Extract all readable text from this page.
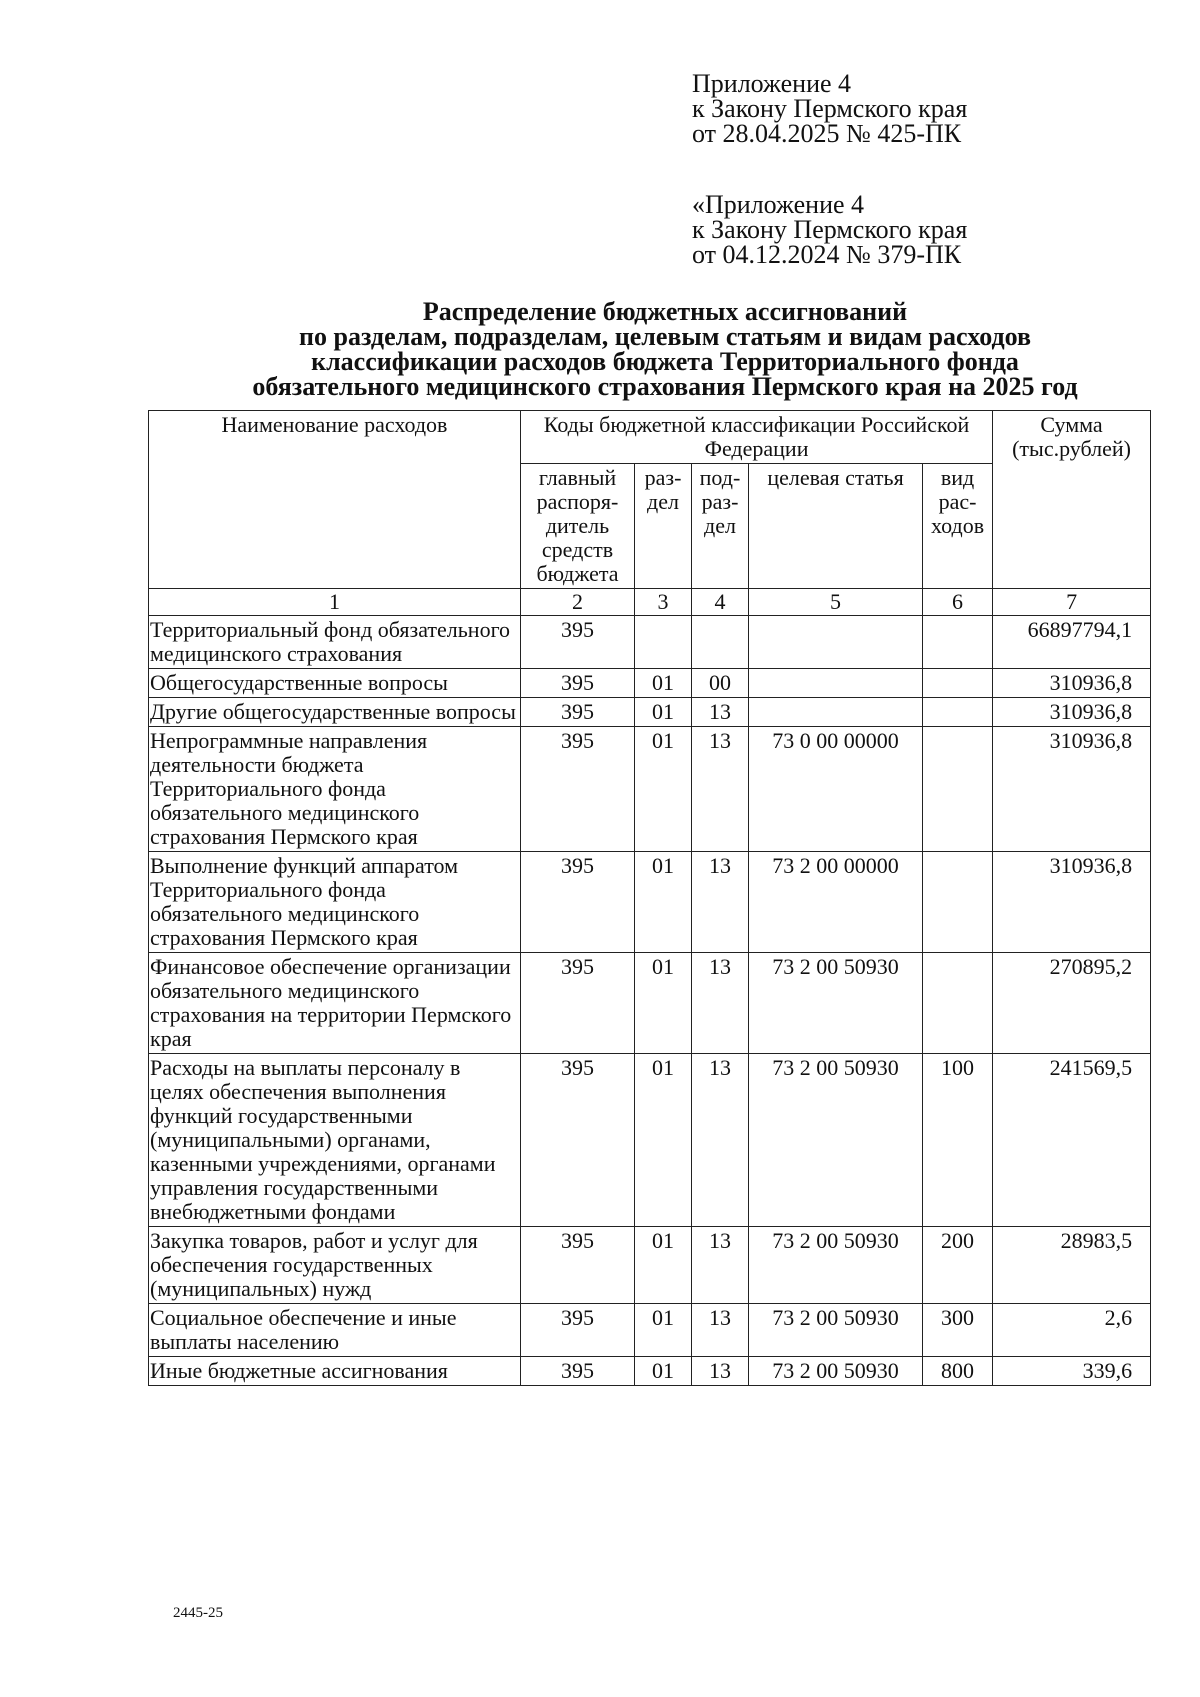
Приложение 4
к Закону Пермского края
от 28.04.2025 № 425-ПК
«Приложение 4
к Закону Пермского края
от 04.12.2024 № 379-ПК
Распределение бюджетных ассигнований
по разделам, подразделам, целевым статьям и видам расходов
классификации расходов бюджета Территориального фонда
обязательного медицинского страхования Пермского края на 2025 год
Наименование расходов	Коды бюджетной классификации Российской Федерации					Сумма (тыс.рублей)
	главный распоря-дитель средств бюджета	раз-дел	под-раз-дел	целевая статья	вид рас-ходов	
1	2	3	4	5	6	7
Территориальный фонд обязательного медицинского страхования	395					66897794,1
Общегосударственные вопросы	395	01	00			310936,8
Другие общегосударственные вопросы	395	01	13			310936,8
Непрограммные направления деятельности бюджета Территориального фонда обязательного медицинского страхования Пермского края	395	01	13	73 0 00 00000		310936,8
Выполнение функций аппаратом Территориального фонда обязательного медицинского страхования Пермского края	395	01	13	73 2 00 00000		310936,8
Финансовое обеспечение организации обязательного медицинского страхования на территории Пермского края	395	01	13	73 2 00 50930		270895,2
Расходы на выплаты персоналу в целях обеспечения выполнения функций государственными (муниципальными) органами, казенными учреждениями, органами управления государственными внебюджетными фондами	395	01	13	73 2 00 50930	100	241569,5
Закупка товаров, работ и услуг для обеспечения государственных (муниципальных) нужд	395	01	13	73 2 00 50930	200	28983,5
Социальное обеспечение и иные выплаты населению	395	01	13	73 2 00 50930	300	2,6
Иные бюджетные ассигнования	395	01	13	73 2 00 50930	800	339,6
2445-25
